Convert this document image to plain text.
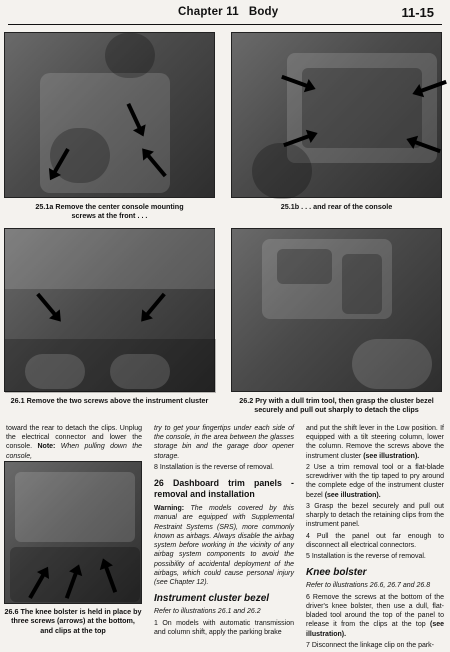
Chapter 11 Body	11-15
25.1a Remove the center console mounting
screws at the front . . .
25.1b . . . and rear of the console
26.1 Remove the two screws above the instrument cluster	26.2 Pry with a dull trim tool, then grasp the cluster bezel
securely and pull out sharply to detach the clips

toward the rear to detach the clips. Unplug the electrical connector and lower the console. Note: When pulling down the console,

26.6 The knee bolster is held in place by
three screws (arrows) at the bottom,
and clips at the top

try to get your fingertips under each side of the console, in the area between the glasses storage bin and the garage door opener storage.

8 Installation is the reverse of removal.

26 Dashboard trim panels - removal and installation

Warning: The models covered by this manual are equipped with Supplemental Restraint Systems (SRS), more commonly known as airbags. Always disable the airbag system before working in the vicinity of any airbag system components to avoid the possibility of accidental deployment of the airbags, which could cause personal injury (see Chapter 12).

Instrument cluster bezel

Refer to illustrations 26.1 and 26.2

1 On models with automatic transmission and column shift, apply the parking brake

and put the shift lever in the Low position. If equipped with a tilt steering column, lower the column. Remove the screws above the instrument cluster (see illustration).

2 Use a trim removal tool or a flat-blade screwdriver with the tip taped to pry around the complete edge of the instrument cluster bezel (see illustration).

3 Grasp the bezel securely and pull out sharply to detach the retaining clips from the instrument panel.

4 Pull the panel out far enough to disconnect all electrical connectors.

5 Installation is the reverse of removal.

Knee bolster

Refer to illustrations 26.6, 26.7 and 26.8

6 Remove the screws at the bottom of the driver's knee bolster, then use a dull, flat-bladed tool around the top of the panel to release it from the clips at the top (see illustration).

7 Disconnect the linkage clip on the park-
